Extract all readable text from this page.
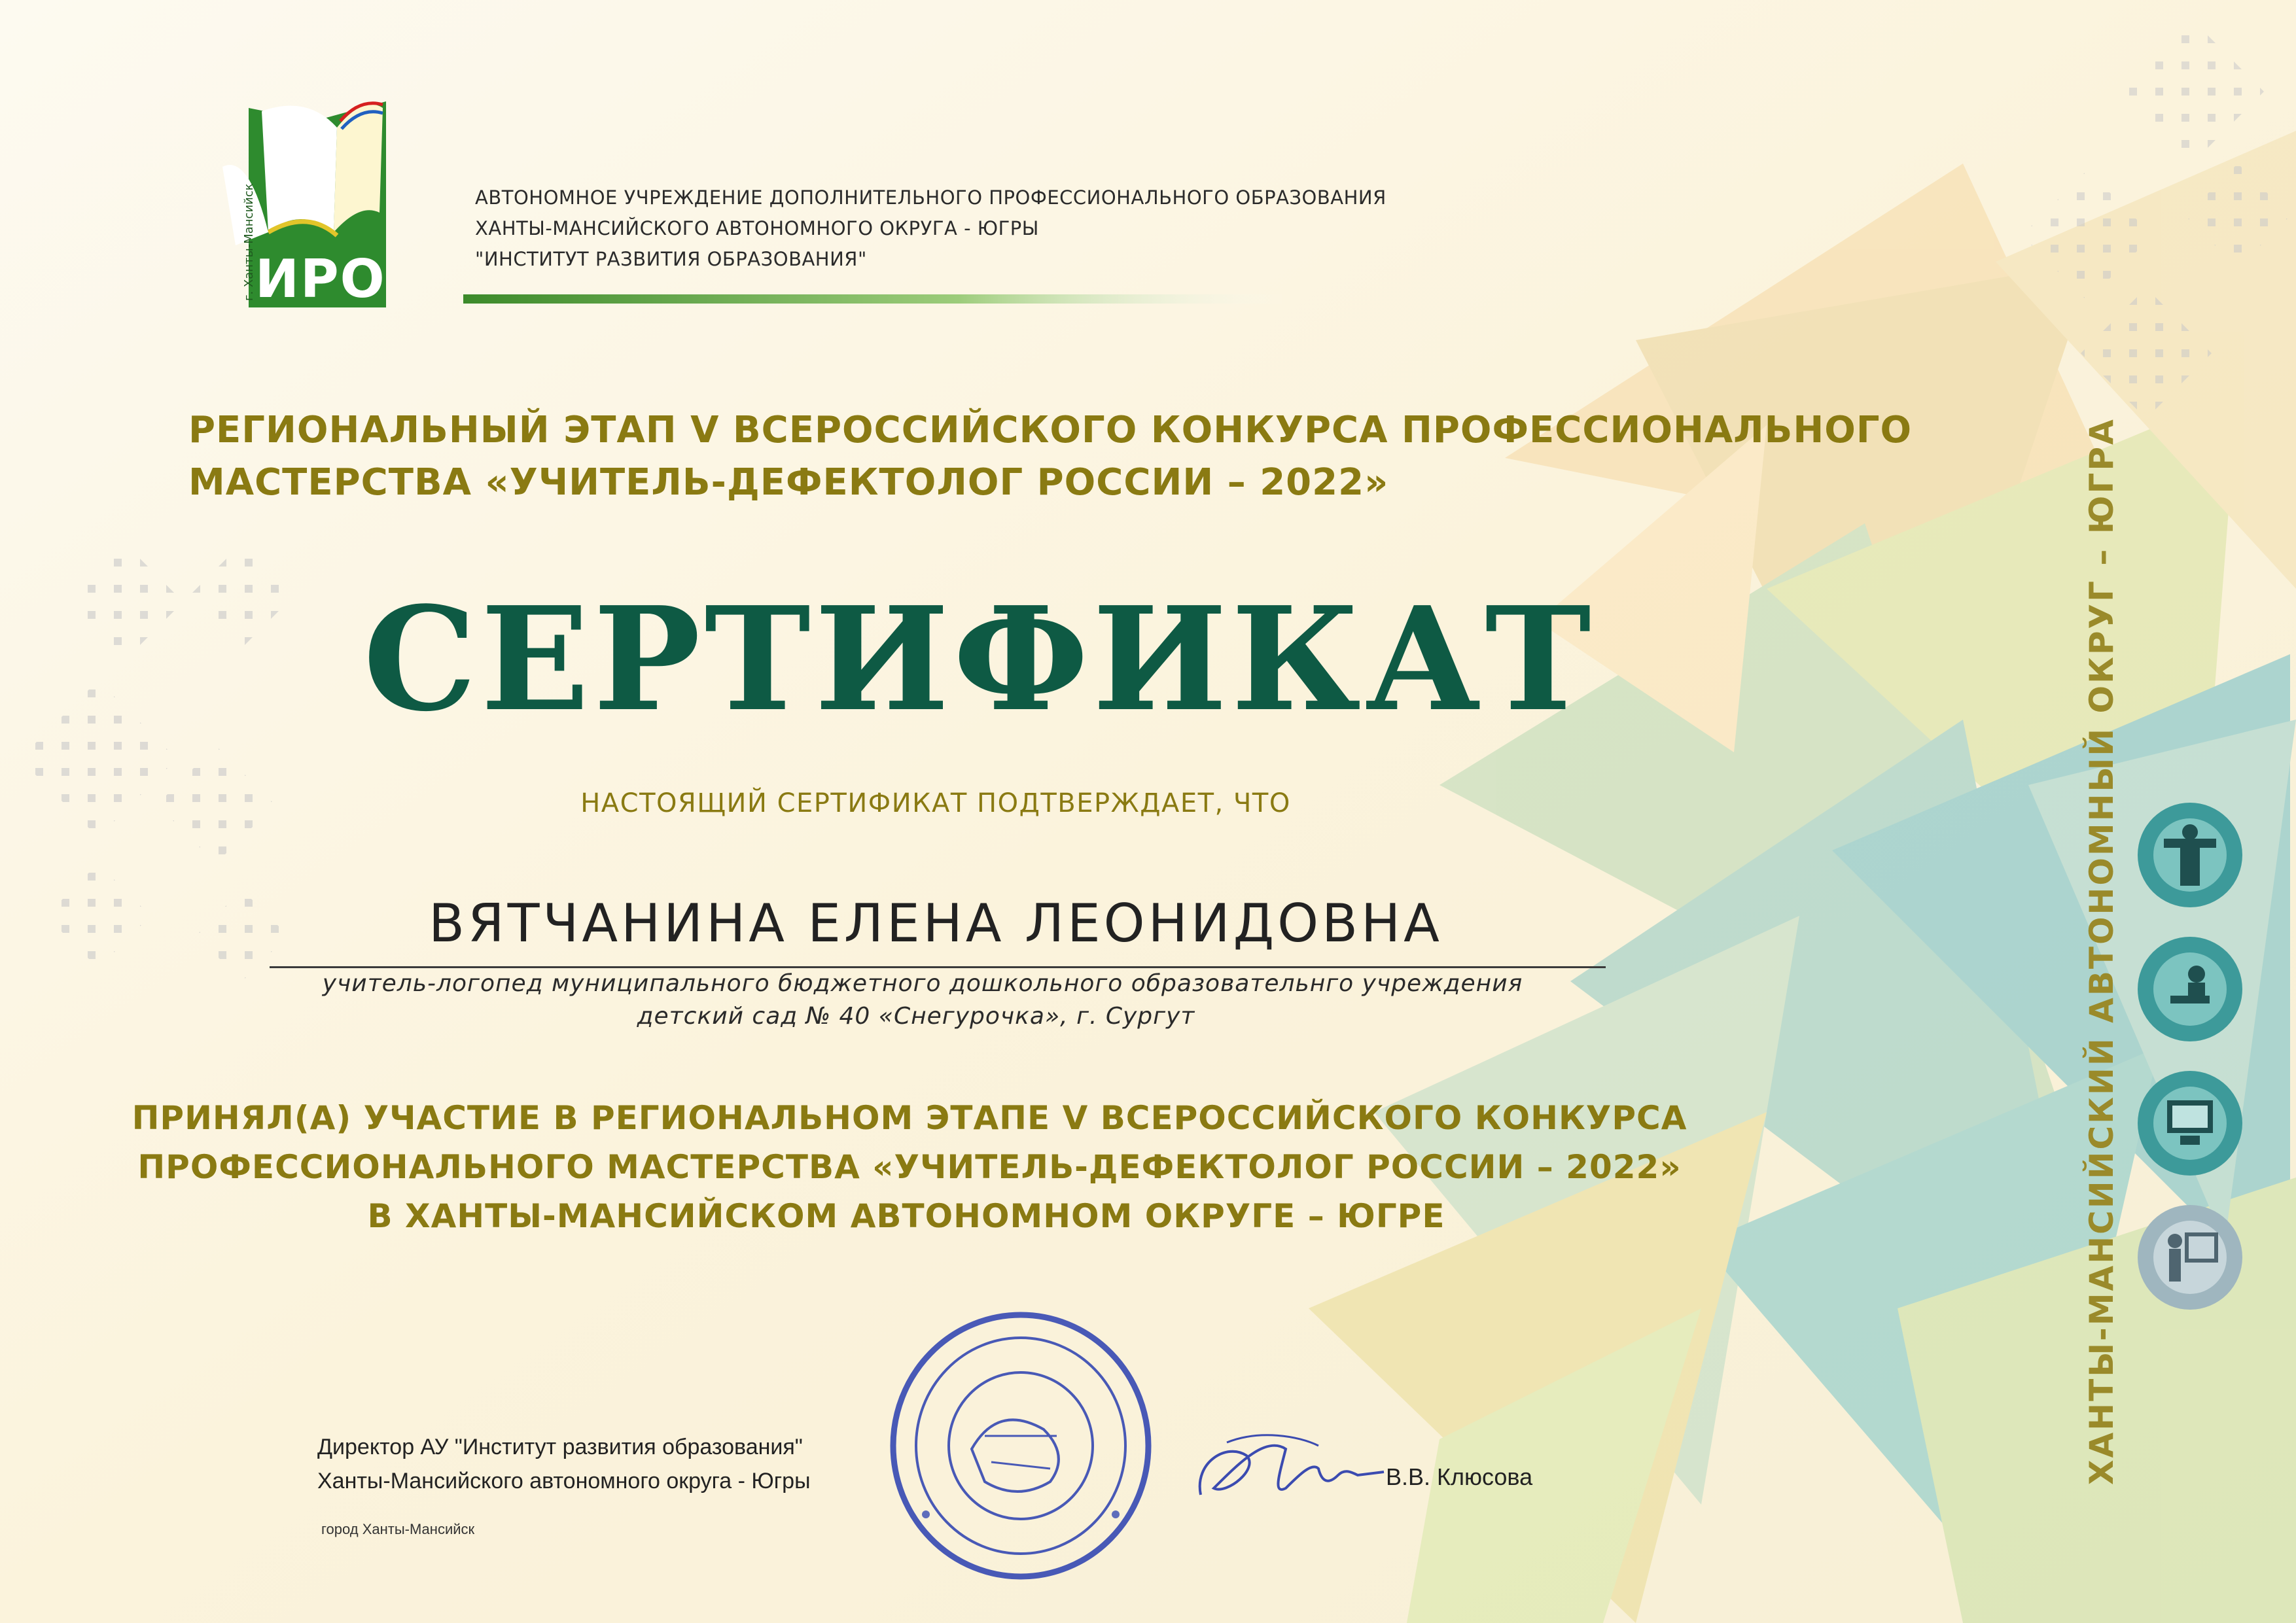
ИРО
г. Ханты-Мансийск	АВТОНОМНОЕ УЧРЕЖДЕНИЕ ДОПОЛНИТЕЛЬНОГО ПРОФЕССИОНАЛЬНОГО ОБРАЗОВАНИЯ
ХАНТЫ-МАНСИЙСКОГО АВТОНОМНОГО ОКРУГА - ЮГРЫ
"ИНСТИТУТ РАЗВИТИЯ ОБРАЗОВАНИЯ"
РЕГИОНАЛЬНЫЙ ЭТАП V ВСЕРОССИЙСКОГО КОНКУРСА ПРОФЕССИОНАЛЬНОГО
МАСТЕРСТВА «УЧИТЕЛЬ-ДЕФЕКТОЛОГ РОССИИ – 2022»
СЕРТИФИКАТ
НАСТОЯЩИЙ СЕРТИФИКАТ ПОДТВЕРЖДАЕТ, ЧТО
ВЯТЧАНИНА ЕЛЕНА ЛЕОНИДОВНА
учитель-логопед муниципального бюджетного дошкольного образовательнго учреждения
детский сад № 40 «Снегурочка», г. Сургут
ПРИНЯЛ(А) УЧАСТИЕ В РЕГИОНАЛЬНОМ ЭТАПЕ V ВСЕРОССИЙСКОГО КОНКУРСА
ПРОФЕССИОНАЛЬНОГО МАСТЕРСТВА «УЧИТЕЛЬ-ДЕФЕКТОЛОГ РОССИИ – 2022»
В ХАНТЫ-МАНСИЙСКОМ АВТОНОМНОМ ОКРУГЕ – ЮГРЕ
Директор АУ "Институт развития образования"
Ханты-Мансийского автономного округа - Югры
город Ханты-Мансийск
В.В. Клюсова	ХАНТЫ-МАНСИЙСКИЙ АВТОНОМНЫЙ ОКРУГ – ЮГРА
